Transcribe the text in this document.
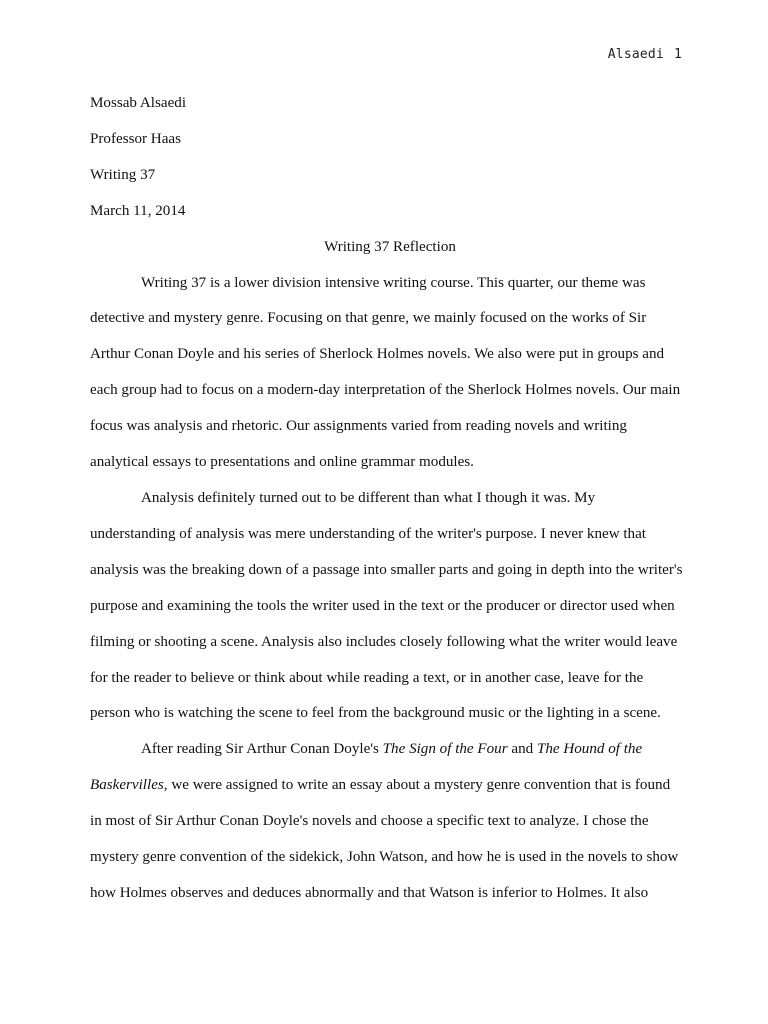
Alsaedi 1

Mossab Alsaedi

Professor Haas

Writing 37

March 11, 2014

Writing 37 Reflection

Writing 37 is a lower division intensive writing course. This quarter, our theme was
detective and mystery genre. Focusing on that genre, we mainly focused on the works of Sir
Arthur Conan Doyle and his series of Sherlock Holmes novels. We also were put in groups and
each group had to focus on a modern-day interpretation of the Sherlock Holmes novels. Our main
focus was analysis and rhetoric. Our assignments varied from reading novels and writing
analytical essays to presentations and online grammar modules.
Analysis definitely turned out to be different than what I though it was. My
understanding of analysis was mere understanding of the writer's purpose. I never knew that
analysis was the breaking down of a passage into smaller parts and going in depth into the writer's
purpose and examining the tools the writer used in the text or the producer or director used when
filming or shooting a scene. Analysis also includes closely following what the writer would leave
for the reader to believe or think about while reading a text, or in another case, leave for the
person who is watching the scene to feel from the background music or the lighting in a scene.
After reading Sir Arthur Conan Doyle's The Sign of the Four and The Hound of the
Baskervilles, we were assigned to write an essay about a mystery genre convention that is found
in most of Sir Arthur Conan Doyle's novels and choose a specific text to analyze. I chose the
mystery genre convention of the sidekick, John Watson, and how he is used in the novels to show
how Holmes observes and deduces abnormally and that Watson is inferior to Holmes. It also
